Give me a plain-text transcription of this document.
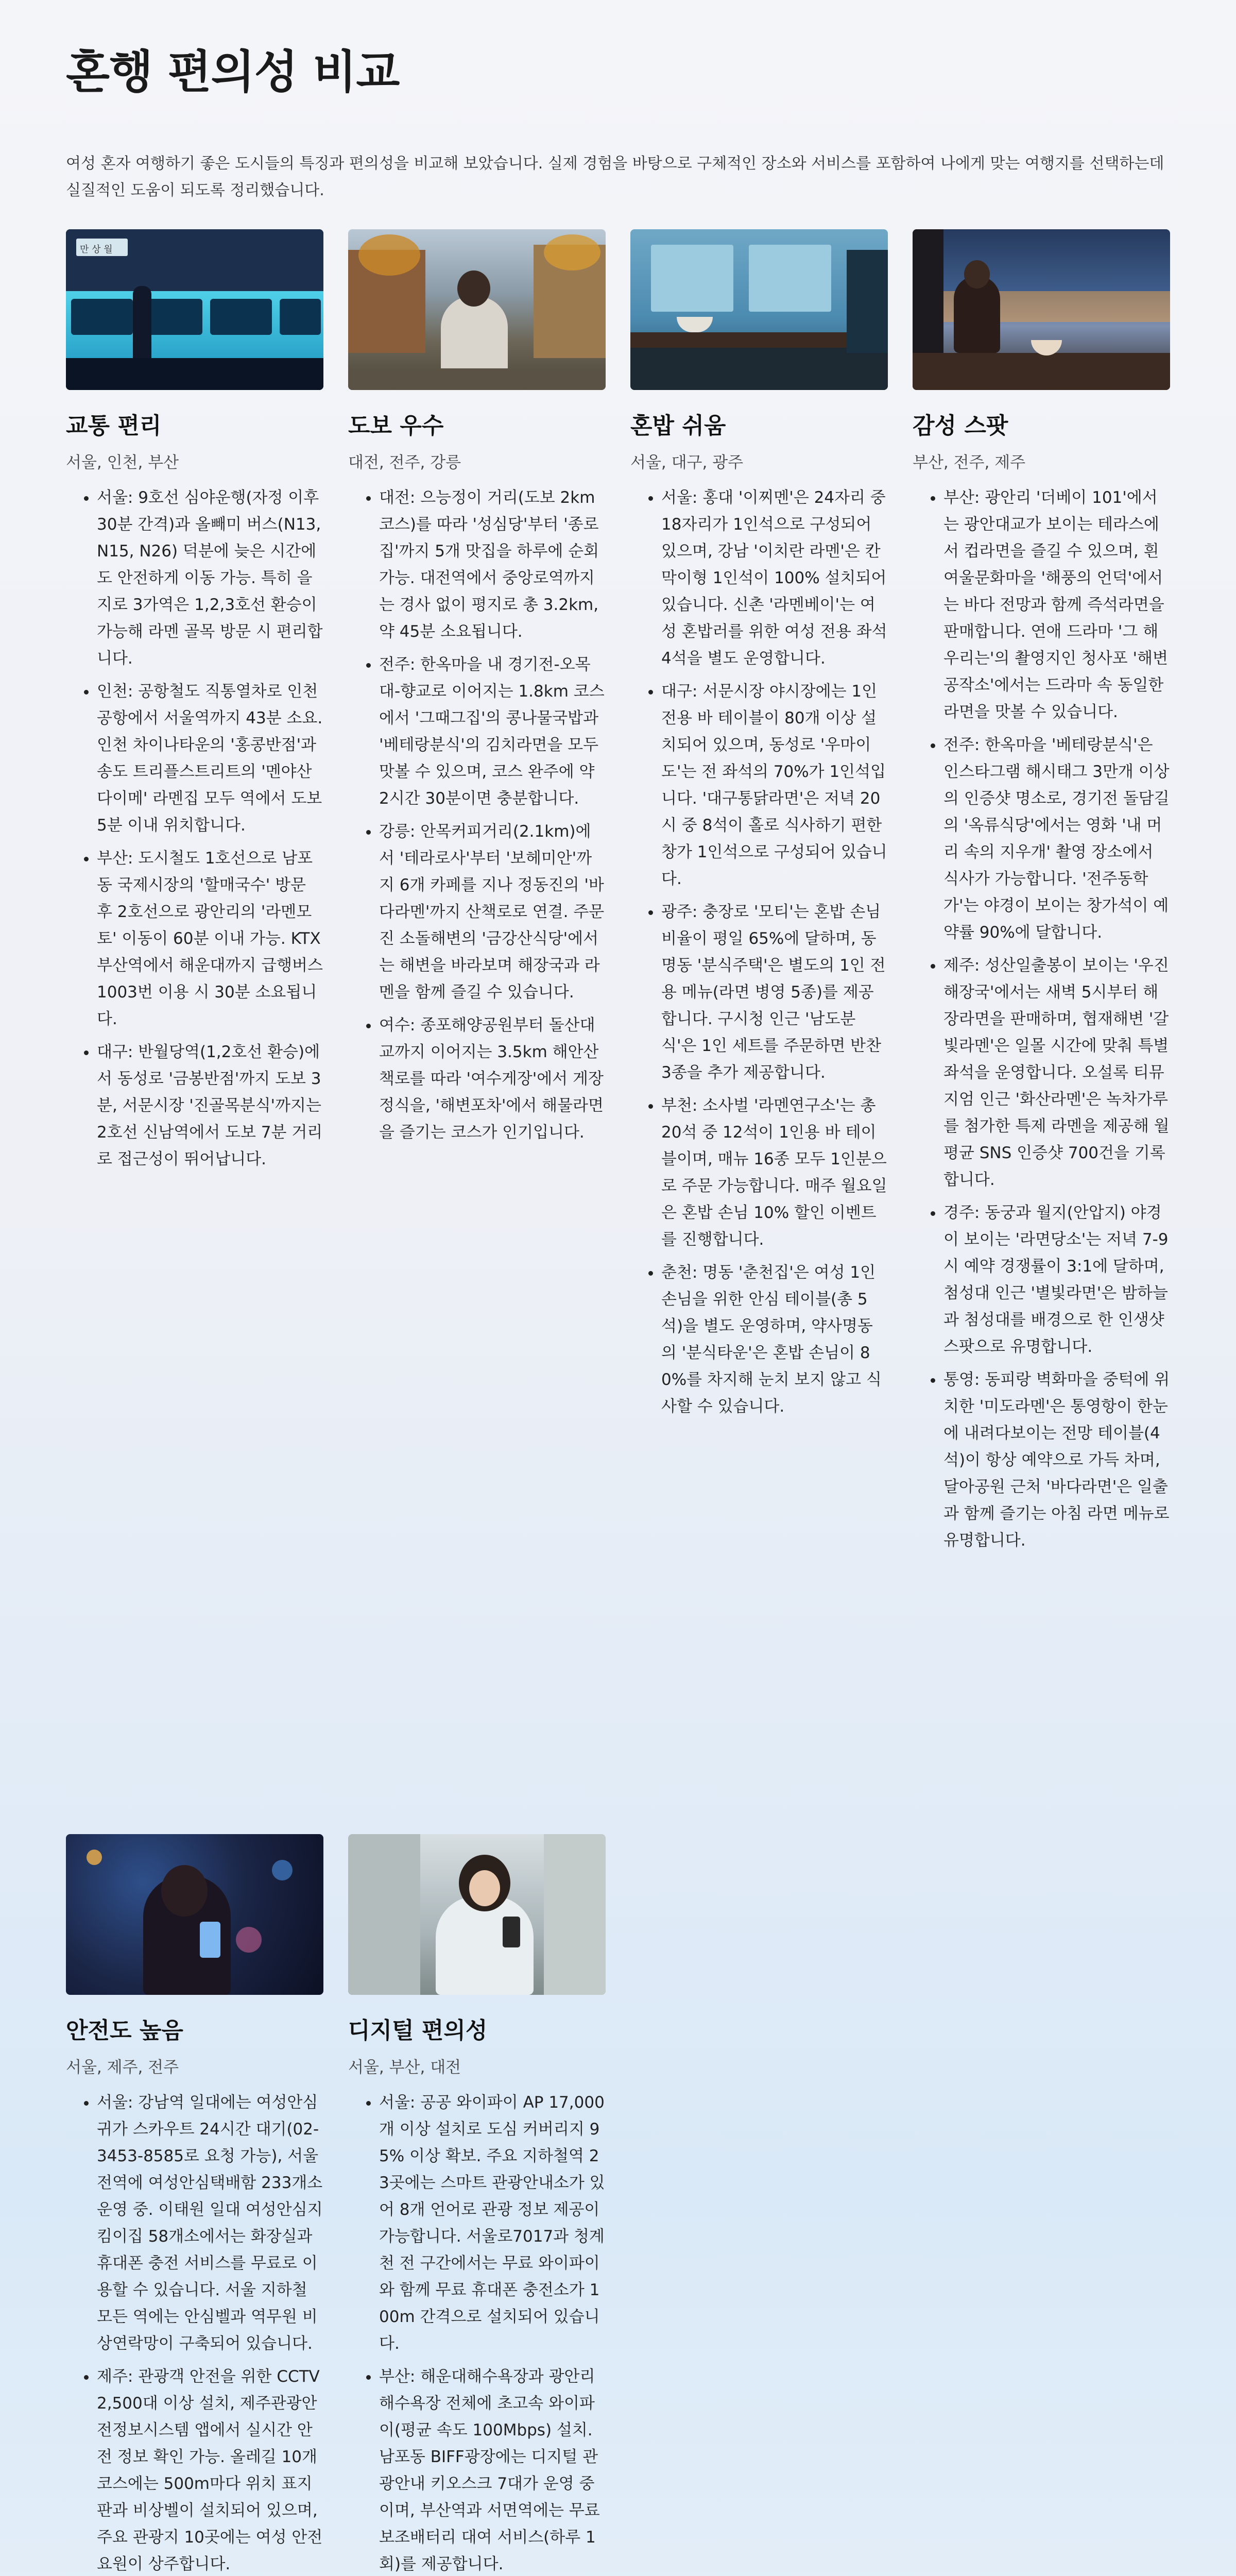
혼행 편의성 비교

여성 혼자 여행하기 좋은 도시들의 특징과 편의성을 비교해 보았습니다. 실제 경험을 바탕으로 구체적인 장소와 서비스를 포함하여 나에게 맞는 여행지를 선택하는데 실질적인 도움이 되도록 정리했습니다.

만 상 월
교통 편리
서울, 인천, 부산
• 서울: 9호선 심야운행(자정 이후 30분 간격)과 올빼미 버스(N13, N15, N26) 덕분에 늦은 시간에도 안전하게 이동 가능. 특히 을지로 3가역은 1,2,3호선 환승이 가능해 라멘 골목 방문 시 편리합니다.
• 인천: 공항철도 직통열차로 인천공항에서 서울역까지 43분 소요. 인천 차이나타운의 '홍콩반점'과 송도 트리플스트리트의 '멘야산다이메' 라멘집 모두 역에서 도보 5분 이내 위치합니다.
• 부산: 도시철도 1호선으로 남포동 국제시장의 '할매국수' 방문 후 2호선으로 광안리의 '라멘모토' 이동이 60분 이내 가능. KTX 부산역에서 해운대까지 급행버스 1003번 이용 시 30분 소요됩니다.
• 대구: 반월당역(1,2호선 환승)에서 동성로 '금봉반점'까지 도보 3분, 서문시장 '진골목분식'까지는 2호선 신남역에서 도보 7분 거리로 접근성이 뛰어납니다.
도보 우수
대전, 전주, 강릉
• 대전: 으능정이 거리(도보 2km 코스)를 따라 '성심당'부터 '종로집'까지 5개 맛집을 하루에 순회 가능. 대전역에서 중앙로역까지는 경사 없이 평지로 총 3.2km, 약 45분 소요됩니다.
• 전주: 한옥마을 내 경기전-오목대-향교로 이어지는 1.8km 코스에서 '그때그집'의 콩나물국밥과 '베테랑분식'의 김치라면을 모두 맛볼 수 있으며, 코스 완주에 약 2시간 30분이면 충분합니다.
• 강릉: 안목커피거리(2.1km)에서 '테라로사'부터 '보헤미안'까지 6개 카페를 지나 정동진의 '바다라멘'까지 산책로로 연결. 주문진 소돌해변의 '금강산식당'에서는 해변을 바라보며 해장국과 라멘을 함께 즐길 수 있습니다.
• 여수: 종포해양공원부터 돌산대교까지 이어지는 3.5km 해안산책로를 따라 '여수게장'에서 게장 정식을, '해변포차'에서 해물라면을 즐기는 코스가 인기입니다.
혼밥 쉬움
서울, 대구, 광주
• 서울: 홍대 '이찌멘'은 24자리 중 18자리가 1인석으로 구성되어 있으며, 강남 '이치란 라멘'은 칸막이형 1인석이 100% 설치되어 있습니다. 신촌 '라멘베이'는 여성 혼밥러를 위한 여성 전용 좌석 4석을 별도 운영합니다.
• 대구: 서문시장 야시장에는 1인 전용 바 테이블이 80개 이상 설치되어 있으며, 동성로 '우마이도'는 전 좌석의 70%가 1인석입니다. '대구통닭라면'은 저녁 20시 중 8석이 홀로 식사하기 편한 창가 1인석으로 구성되어 있습니다.
• 광주: 충장로 '모티'는 혼밥 손님 비율이 평일 65%에 달하며, 동명동 '분식주택'은 별도의 1인 전용 메뉴(라면 병영 5종)를 제공합니다. 구시청 인근 '남도분식'은 1인 세트를 주문하면 반찬 3종을 추가 제공합니다.
• 부천: 소사벌 '라멘연구소'는 총 20석 중 12석이 1인용 바 테이블이며, 매뉴 16종 모두 1인분으로 주문 가능합니다. 매주 월요일은 혼밥 손님 10% 할인 이벤트를 진행합니다.
• 춘천: 명동 '춘천집'은 여성 1인 손님을 위한 안심 테이블(총 5석)을 별도 운영하며, 약사명동의 '분식타운'은 혼밥 손님이 80%를 차지해 눈치 보지 않고 식사할 수 있습니다.
감성 스팟
부산, 전주, 제주
• 부산: 광안리 '더베이 101'에서는 광안대교가 보이는 테라스에서 컵라면을 즐길 수 있으며, 흰여울문화마을 '해풍의 언덕'에서는 바다 전망과 함께 즉석라면을 판매합니다. 연애 드라마 '그 해 우리는'의 촬영지인 청사포 '해변공작소'에서는 드라마 속 동일한 라면을 맛볼 수 있습니다.
• 전주: 한옥마을 '베테랑분식'은 인스타그램 해시태그 3만개 이상의 인증샷 명소로, 경기전 돌담길의 '옥류식당'에서는 영화 '내 머리 속의 지우개' 촬영 장소에서 식사가 가능합니다. '전주동학가'는 야경이 보이는 창가석이 예약률 90%에 달합니다.
• 제주: 성산일출봉이 보이는 '우진해장국'에서는 새벽 5시부터 해장라면을 판매하며, 협재해변 '갈빛라멘'은 일몰 시간에 맞춰 특별 좌석을 운영합니다. 오설록 티뮤지엄 인근 '화산라멘'은 녹차가루를 첨가한 특제 라멘을 제공해 월 평균 SNS 인증샷 700건을 기록합니다.
• 경주: 동궁과 월지(안압지) 야경이 보이는 '라면당소'는 저녁 7-9시 예약 경쟁률이 3:1에 달하며, 첨성대 인근 '별빛라면'은 밤하늘과 첨성대를 배경으로 한 인생샷 스팟으로 유명합니다.
• 통영: 동피랑 벽화마을 중턱에 위치한 '미도라멘'은 통영항이 한눈에 내려다보이는 전망 테이블(4석)이 항상 예약으로 가득 차며, 달아공원 근처 '바다라면'은 일출과 함께 즐기는 아침 라면 메뉴로 유명합니다.
안전도 높음
서울, 제주, 전주
• 서울: 강남역 일대에는 여성안심귀가 스카우트 24시간 대기(02-3453-8585로 요청 가능), 서울 전역에 여성안심택배함 233개소 운영 중. 이태원 일대 여성안심지킴이집 58개소에서는 화장실과 휴대폰 충전 서비스를 무료로 이용할 수 있습니다. 서울 지하철 모든 역에는 안심벨과 역무원 비상연락망이 구축되어 있습니다.
• 제주: 관광객 안전을 위한 CCTV 2,500대 이상 설치, 제주관광안전정보시스템 앱에서 실시간 안전 정보 확인 가능. 올레길 10개 코스에는 500m마다 위치 표지판과 비상벨이 설치되어 있으며, 주요 관광지 10곳에는 여성 안전 요원이 상주합니다.
디지털 편의성
서울, 부산, 대전
• 서울: 공공 와이파이 AP 17,000개 이상 설치로 도심 커버리지 95% 이상 확보. 주요 지하철역 23곳에는 스마트 관광안내소가 있어 8개 언어로 관광 정보 제공이 가능합니다. 서울로7017과 청계천 전 구간에서는 무료 와이파이와 함께 무료 휴대폰 충전소가 100m 간격으로 설치되어 있습니다.
• 부산: 해운대해수욕장과 광안리해수욕장 전체에 초고속 와이파이(평균 속도 100Mbps) 설치. 남포동 BIFF광장에는 디지털 관광안내 키오스크 7대가 운영 중이며, 부산역과 서면역에는 무료 보조배터리 대여 서비스(하루 1회)를 제공합니다.
